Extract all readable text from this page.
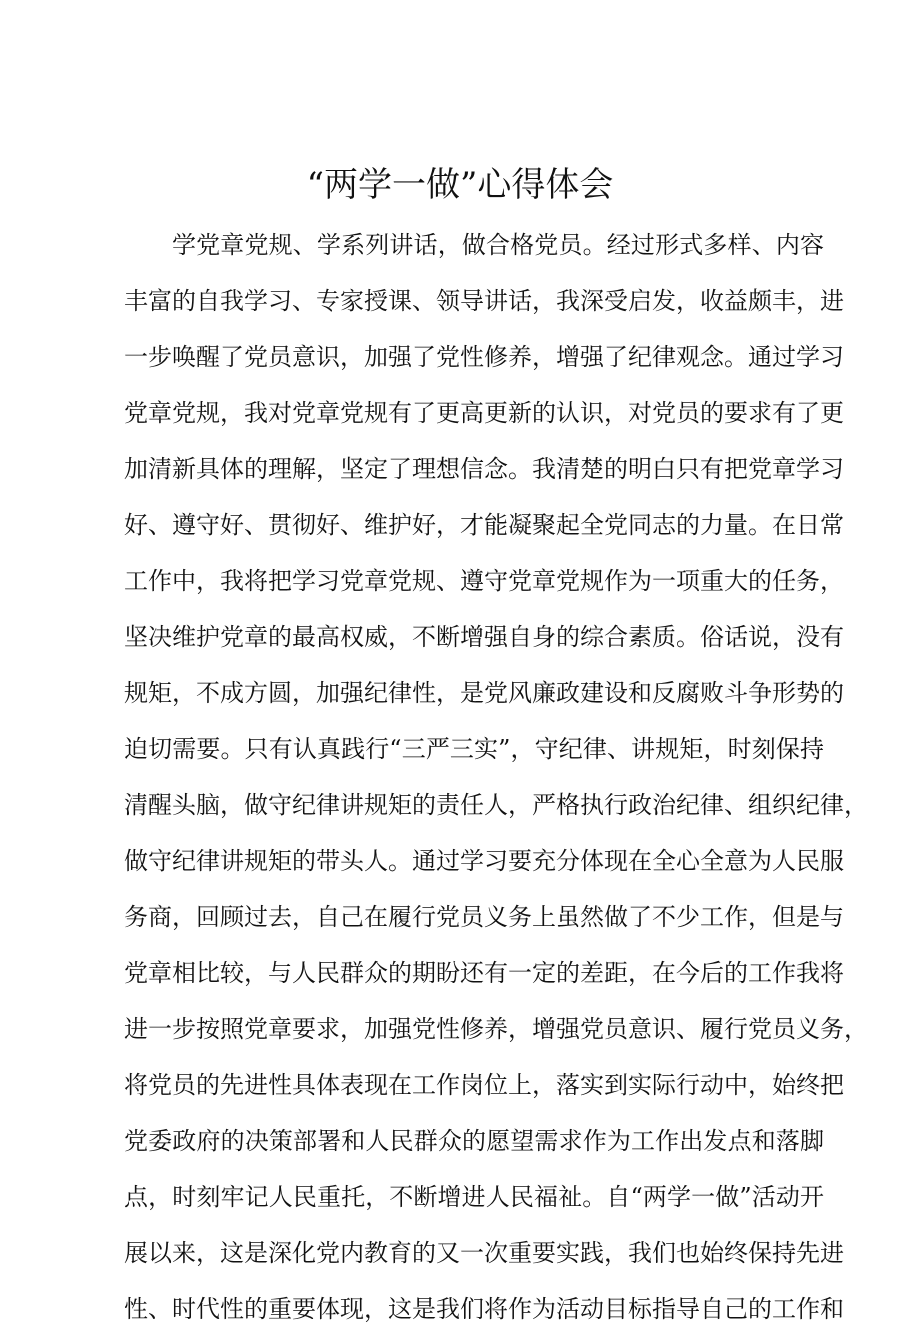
“两学一做”心得体会
学党章党规、学系列讲话，做合格党员。经过形式多样、内容
丰富的自我学习、专家授课、领导讲话，我深受启发，收益颇丰，进
一步唤醒了党员意识，加强了党性修养，增强了纪律观念。通过学习
党章党规，我对党章党规有了更高更新的认识，对党员的要求有了更
加清新具体的理解，坚定了理想信念。我清楚的明白只有把党章学习
好、遵守好、贯彻好、维护好，才能凝聚起全党同志的力量。在日常
工作中，我将把学习党章党规、遵守党章党规作为一项重大的任务，
坚决维护党章的最高权威，不断增强自身的综合素质。俗话说，没有
规矩，不成方圆，加强纪律性，是党风廉政建设和反腐败斗争形势的
迫切需要。只有认真践行“三严三实”，守纪律、讲规矩，时刻保持
清醒头脑，做守纪律讲规矩的责任人，严格执行政治纪律、组织纪律，
做守纪律讲规矩的带头人。通过学习要充分体现在全心全意为人民服
务商，回顾过去，自己在履行党员义务上虽然做了不少工作，但是与
党章相比较，与人民群众的期盼还有一定的差距，在今后的工作我将
进一步按照党章要求，加强党性修养，增强党员意识、履行党员义务，
将党员的先进性具体表现在工作岗位上，落实到实际行动中，始终把
党委政府的决策部署和人民群众的愿望需求作为工作出发点和落脚
点，时刻牢记人民重托，不断增进人民福祉。自“两学一做”活动开
展以来，这是深化党内教育的又一次重要实践，我们也始终保持先进
性、时代性的重要体现，这是我们将作为活动目标指导自己的工作和
